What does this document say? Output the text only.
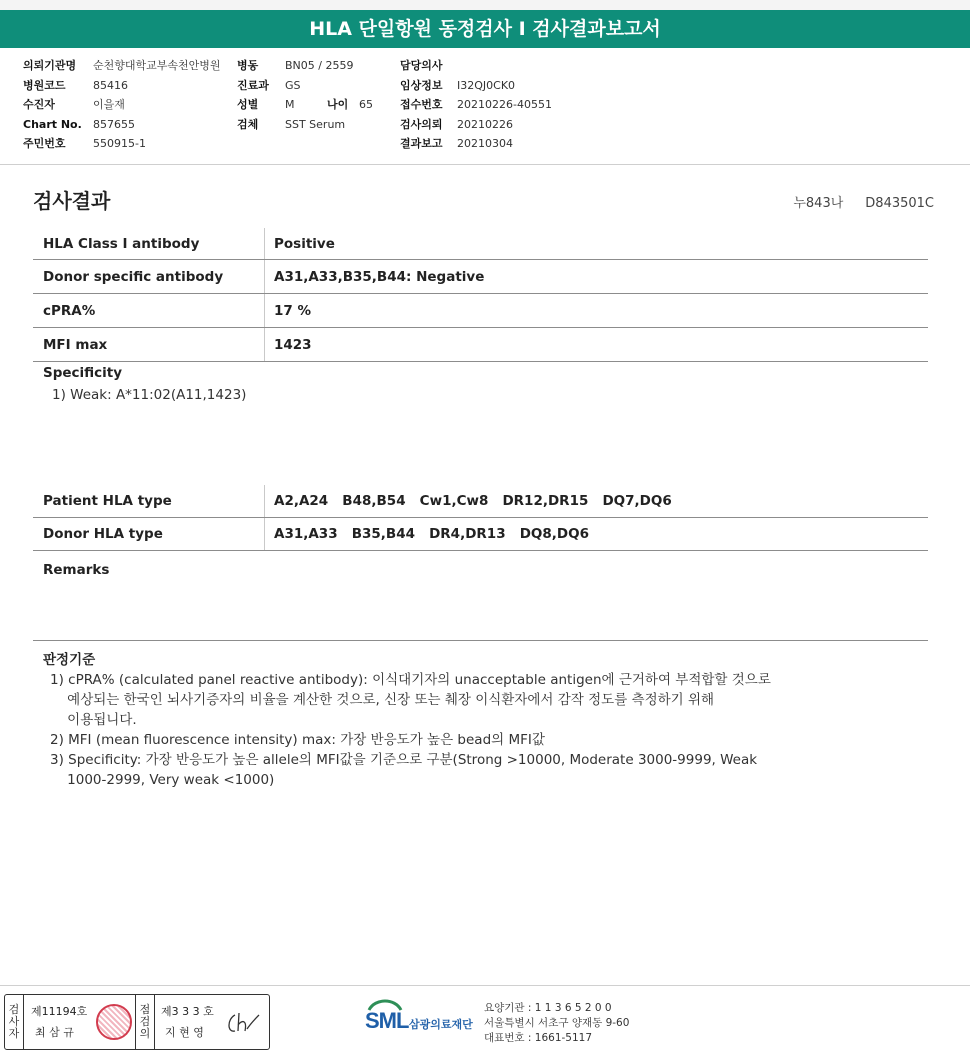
HLA 단일항원 동정검사 I 검사결과보고서
의뢰기관명	순천향대학교부속천안병원
병원코드	85416
수진자	이을재
Chart No.	857655
주민번호	550915-1
병동	BN05 / 2559
진료과	GS
성별	M	나이 65
검체	SST Serum
담당의사
임상정보	I32QJ0CK0
접수번호	20210226-40551
검사의뢰	20210226
결과보고	20210304
검사결과	누843나 D843501C
HLA Class I antibody	Positive
Donor specific antibody	A31,A33,B35,B44: Negative
cPRA%	17 %
MFI max	1423
Specificity
1) Weak: A*11:02(A11,1423)
Patient HLA type	A2,A24   B48,B54   Cw1,Cw8   DR12,DR15   DQ7,DQ6
Donor HLA type	A31,A33   B35,B44   DR4,DR13   DQ8,DQ6
Remarks
판정기준
1) cPRA% (calculated panel reactive antibody): 이식대기자의 unacceptable antigen에 근거하여 부적합할 것으로
예상되는 한국인 뇌사기증자의 비율을 계산한 것으로, 신장 또는 췌장 이식환자에서 감작 정도를 측정하기 위해
이용됩니다.
2) MFI (mean fluorescence intensity) max: 가장 반응도가 높은 bead의 MFI값
3) Specificity: 가장 반응도가 높은 allele의 MFI값을 기준으로 구분(Strong >10000, Moderate 3000-9999, Weak
1000-2999, Very weak <1000)
검
사
자
제11194호
최 삼 규
점
검
의
제3 3 3 호
지 현 영	SML 삼광의료재단
요양기관 : 1 1 3 6 5 2 0 0
서울특별시 서초구 양재동 9-60
대표번호 : 1661-5117
